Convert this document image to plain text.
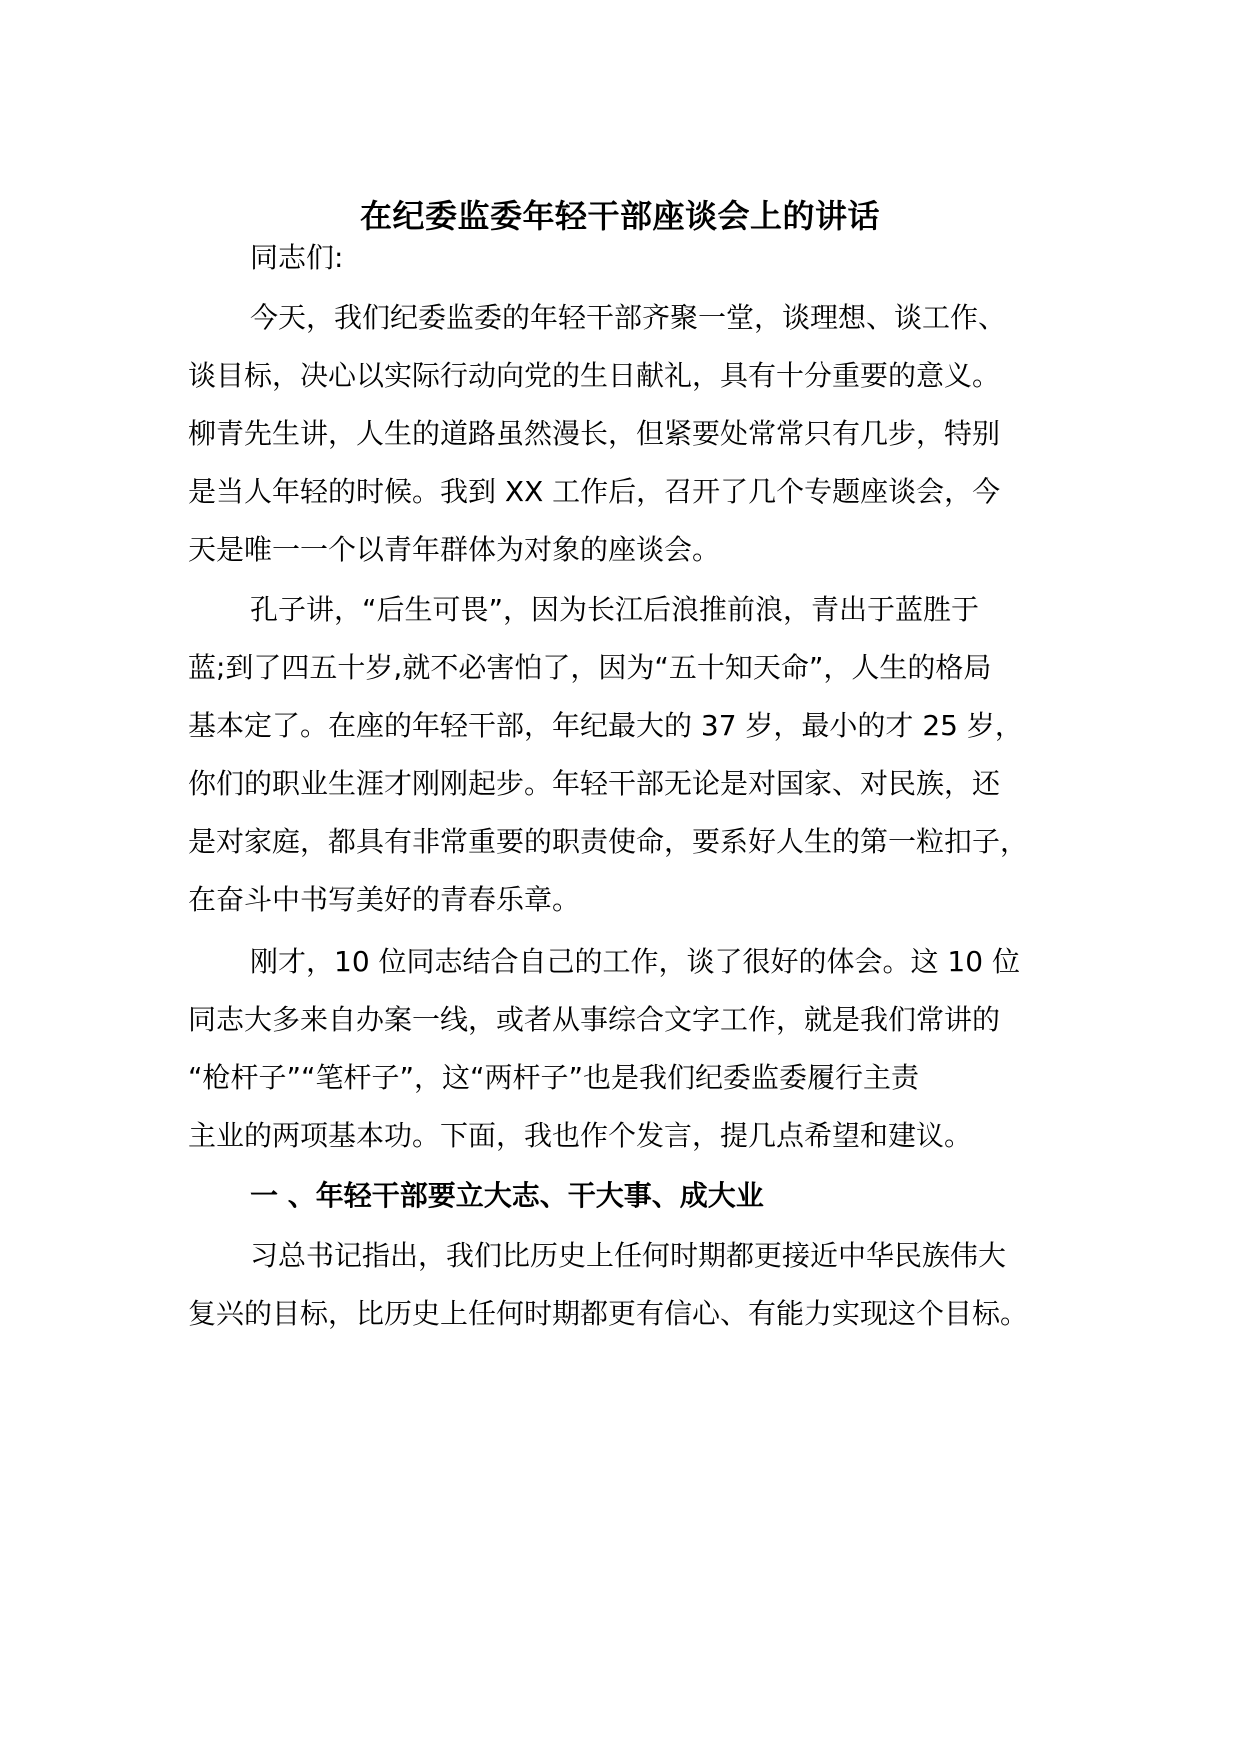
在纪委监委年轻干部座谈会上的讲话
同志们:
今天，我们纪委监委的年轻干部齐聚一堂，谈理想、谈工作、
谈目标，决心以实际行动向党的生日献礼，具有十分重要的意义。
柳青先生讲，人生的道路虽然漫长，但紧要处常常只有几步，特别
是当人年轻的时候。我到 XX 工作后，召开了几个专题座谈会，今
天是唯一一个以青年群体为对象的座谈会。
孔子讲，“后生可畏”，因为长江后浪推前浪，青出于蓝胜于
蓝;到了四五十岁,就不必害怕了，因为“五十知天命”，人生的格局
基本定了。在座的年轻干部，年纪最大的 37 岁，最小的才 25 岁，
你们的职业生涯才刚刚起步。年轻干部无论是对国家、对民族，还
是对家庭，都具有非常重要的职责使命，要系好人生的第一粒扣子，
在奋斗中书写美好的青春乐章。
刚才，10 位同志结合自己的工作，谈了很好的体会。这 10 位
同志大多来自办案一线，或者从事综合文字工作，就是我们常讲的
“枪杆子”“笔杆子”，这“两杆子”也是我们纪委监委履行主责
主业的两项基本功。下面，我也作个发言，提几点希望和建议。
一 、年轻干部要立大志、干大事、成大业
习总书记指出，我们比历史上任何时期都更接近中华民族伟大
复兴的目标，比历史上任何时期都更有信心、有能力实现这个目标。
